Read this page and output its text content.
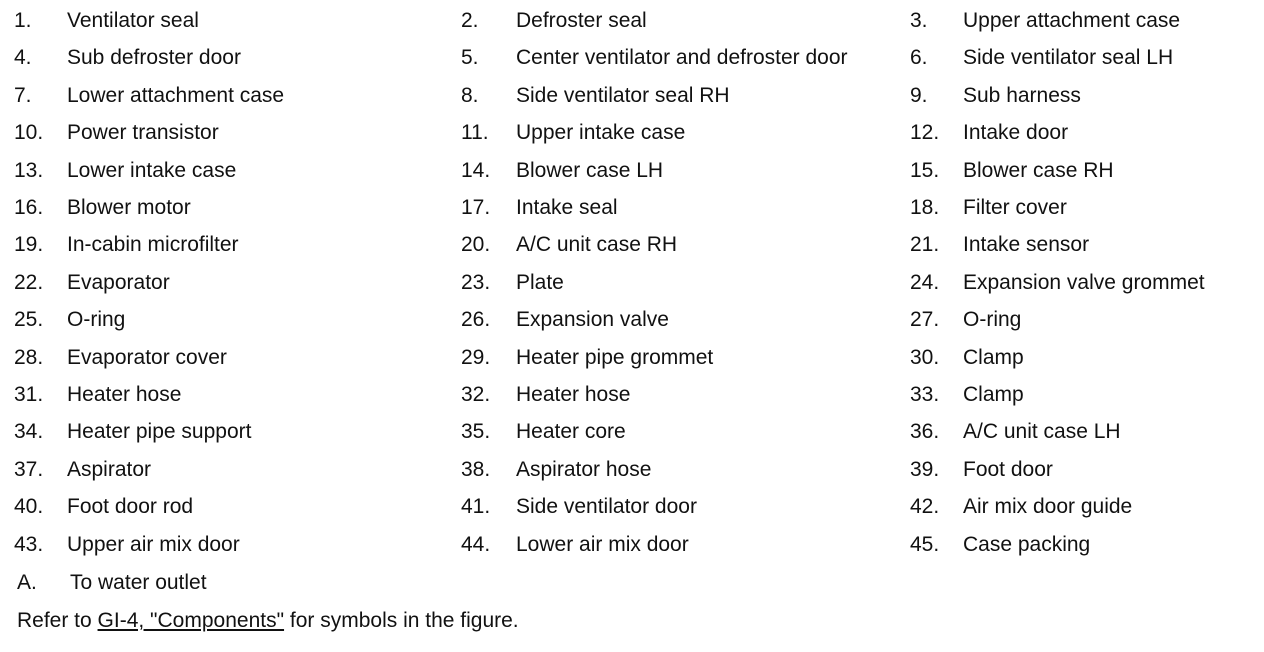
1. Ventilator seal	2. Defroster seal	3. Upper attachment case
4. Sub defroster door	5. Center ventilator and defroster door	6. Side ventilator seal LH
7. Lower attachment case	8. Side ventilator seal RH	9. Sub harness
10. Power transistor	11. Upper intake case	12. Intake door
13. Lower intake case	14. Blower case LH	15. Blower case RH
16. Blower motor	17. Intake seal	18. Filter cover
19. In-cabin microfilter	20. A/C unit case RH	21. Intake sensor
22. Evaporator	23. Plate	24. Expansion valve grommet
25. O-ring	26. Expansion valve	27. O-ring
28. Evaporator cover	29. Heater pipe grommet	30. Clamp
31. Heater hose	32. Heater hose	33. Clamp
34. Heater pipe support	35. Heater core	36. A/C unit case LH
37. Aspirator	38. Aspirator hose	39. Foot door
40. Foot door rod	41. Side ventilator door	42. Air mix door guide
43. Upper air mix door	44. Lower air mix door	45. Case packing
A. To water outlet
Refer to GI-4, "Components" for symbols in the figure.
